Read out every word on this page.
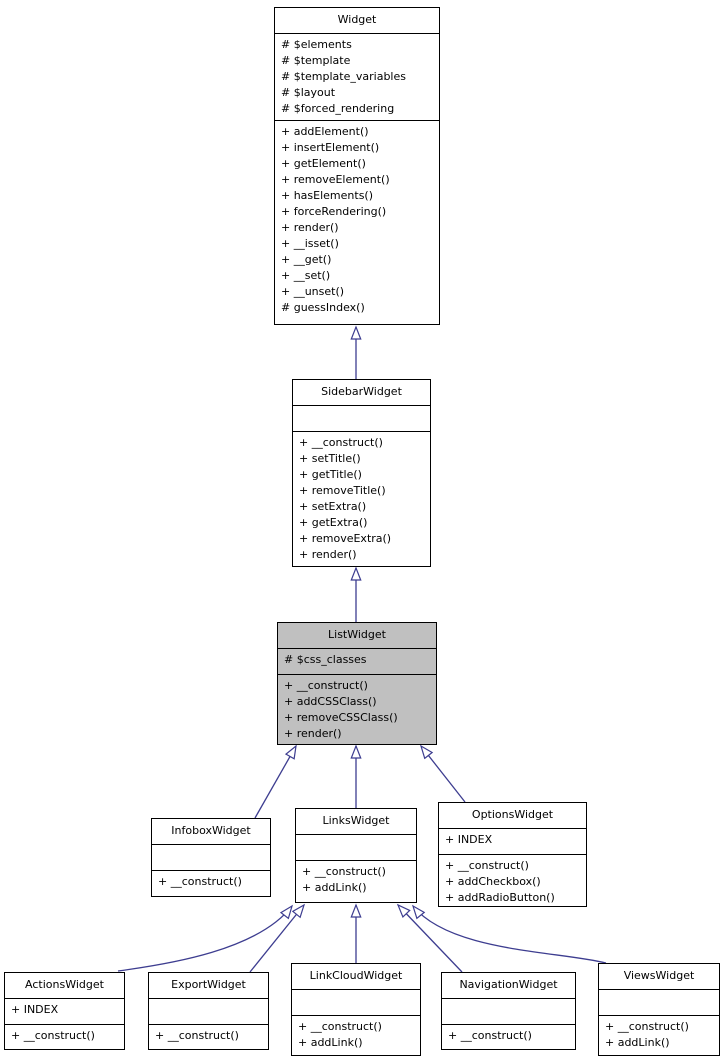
Widget
# $elements
# $template
# $template_variables
# $layout
# $forced_rendering
+ addElement()
+ insertElement()
+ getElement()
+ removeElement()
+ hasElements()
+ forceRendering()
+ render()
+ __isset()
+ __get()
+ __set()
+ __unset()
# guessIndex()
SidebarWidget
+ __construct()
+ setTitle()
+ getTitle()
+ removeTitle()
+ setExtra()
+ getExtra()
+ removeExtra()
+ render()
ListWidget
# $css_classes
+ __construct()
+ addCSSClass()
+ removeCSSClass()
+ render()
InfoboxWidget
+ __construct()
LinksWidget
+ __construct()
+ addLink()
OptionsWidget
+ INDEX
+ __construct()
+ addCheckbox()
+ addRadioButton()
ActionsWidget
+ INDEX
+ __construct()
ExportWidget
+ __construct()
LinkCloudWidget
+ __construct()
+ addLink()
NavigationWidget
+ __construct()
ViewsWidget
+ __construct()
+ addLink()
